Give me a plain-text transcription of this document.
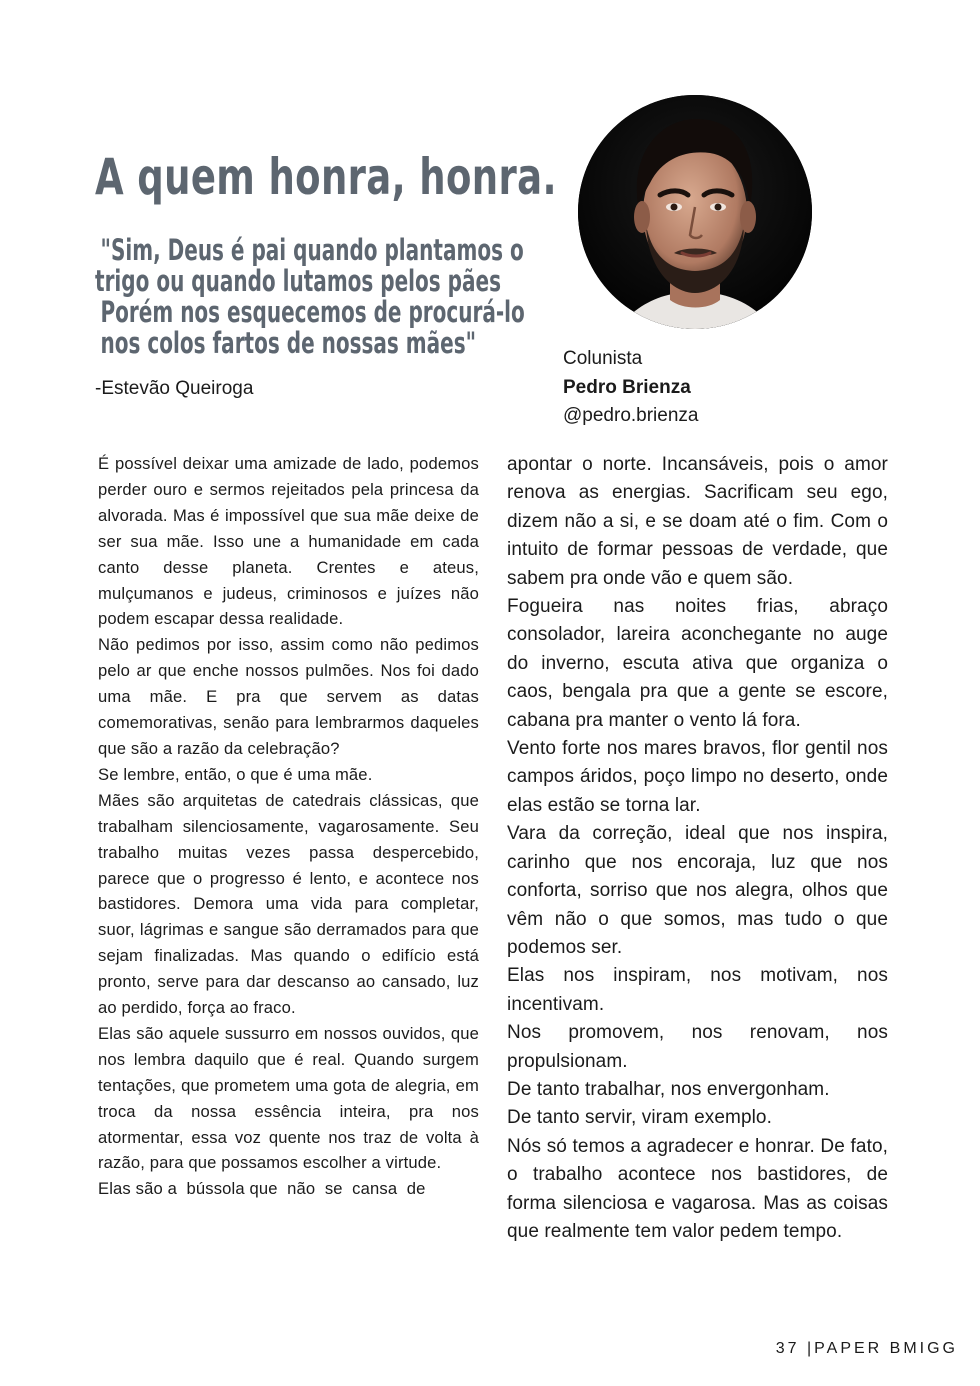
A quem honra, honra.
"Sim, Deus é pai quando plantamos o
trigo ou quando lutamos pelos pães
Porém nos esquecemos de procurá-lo
nos colos fartos de nossas mães"
-Estevão Queiroga
Colunista
Pedro Brienza
@pedro.brienza

É possível deixar uma amizade de lado, podemos perder ouro e sermos rejeitados pela princesa da alvorada. Mas é impossível que sua mãe deixe de ser sua mãe. Isso une a humanidade em cada canto desse planeta. Crentes e ateus, mulçumanos e judeus, criminosos e juízes não podem escapar dessa realidade.

Não pedimos por isso, assim como não pedimos pelo ar que enche nossos pulmões. Nos foi dado uma mãe. E pra que servem as datas comemorativas, senão para lembrarmos daqueles que são a razão da celebração?

Se lembre, então, o que é uma mãe.

Mães são arquitetas de catedrais clássicas, que trabalham silenciosamente, vagarosamente. Seu trabalho muitas vezes passa despercebido, parece que o progresso é lento, e acontece nos bastidores. Demora uma vida para completar, suor, lágrimas e sangue são derramados para que sejam finalizadas. Mas quando o edifício está pronto, serve para dar descanso ao cansado, luz ao perdido, força ao fraco.

Elas são aquele sussurro em nossos ouvidos, que nos lembra daquilo que é real. Quando surgem tentações, que prometem uma gota de alegria, em troca da nossa essência inteira, pra nos atormentar, essa voz quente nos traz de volta à razão, para que possamos escolher a virtude.

Elas são a  bússola que  não  se  cansa  de

apontar o norte. Incansáveis, pois o amor renova as energias. Sacrificam seu ego, dizem não a si, e se doam até o fim. Com o intuito de formar pessoas de verdade, que sabem pra onde vão e quem são.

Fogueira nas noites frias, abraço consolador, lareira aconchegante no auge do inverno, escuta ativa que organiza o caos, bengala pra que a gente se escore, cabana pra manter o vento lá fora.

Vento forte nos mares bravos, flor gentil nos campos áridos, poço limpo no deserto, onde elas estão se torna lar.

Vara da correção, ideal que nos inspira, carinho que nos encoraja, luz que nos conforta, sorriso que nos alegra, olhos que vêm não o que somos, mas tudo o que podemos ser.

Elas nos inspiram, nos motivam, nos incentivam.

Nos promovem, nos renovam, nos propulsionam.

De tanto trabalhar, nos envergonham.

De tanto servir, viram exemplo.

Nós só temos a agradecer e honrar. De fato, o trabalho acontece nos bastidores, de forma silenciosa e vagarosa. Mas as coisas que realmente tem valor pedem tempo.

37 |PAPER BMIGG
